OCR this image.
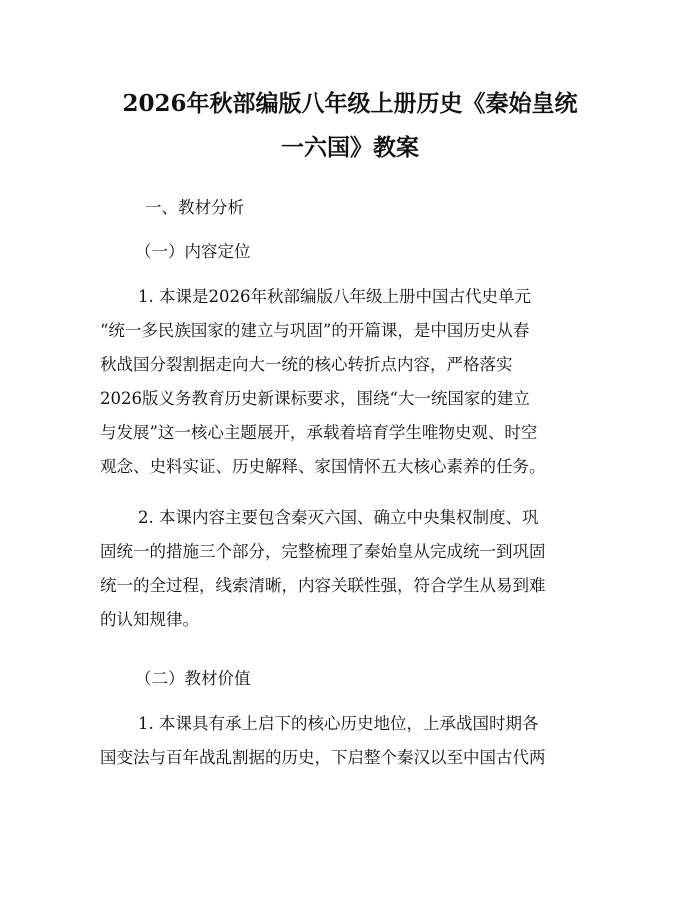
2026年秋部编版八年级上册历史《秦始皇统
一六国》教案
一、教材分析
（一）内容定位
1. 本课是2026年秋部编版八年级上册中国古代史单元
“统一多民族国家的建立与巩固”的开篇课，是中国历史从春
秋战国分裂割据走向大一统的核心转折点内容，严格落实
2026版义务教育历史新课标要求，围绕“大一统国家的建立
与发展”这一核心主题展开，承载着培育学生唯物史观、时空
观念、史料实证、历史解释、家国情怀五大核心素养的任务。
2. 本课内容主要包含秦灭六国、确立中央集权制度、巩
固统一的措施三个部分，完整梳理了秦始皇从完成统一到巩固
统一的全过程，线索清晰，内容关联性强，符合学生从易到难
的认知规律。
（二）教材价值
1. 本课具有承上启下的核心历史地位，上承战国时期各
国变法与百年战乱割据的历史，下启整个秦汉以至中国古代两
